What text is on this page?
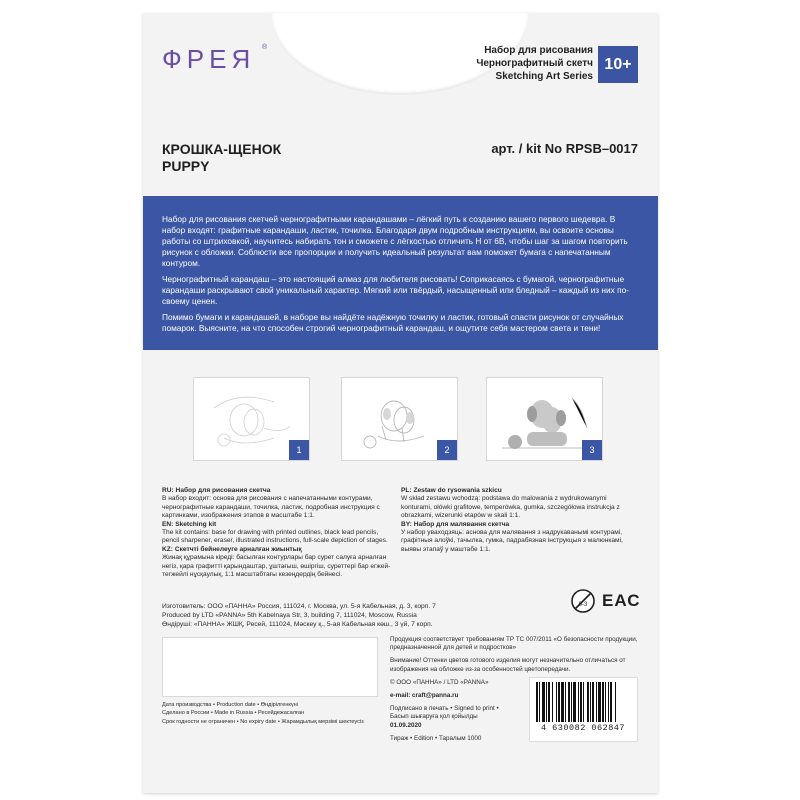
ФРЕЯ ®	Набор для рисования
Чернографитный скетч
Sketching Art Series
10+
КРОШКА-ЩЕНОК
PUPPY
арт. / kit No RPSB–0017

Набор для рисования скетчей чернографитными карандашами – лёгкий путь к созданию вашего первого шедевра. В набор входят: графитные карандаши, ластик, точилка. Благодаря двум подробным инструкциям, вы освоите основы работы со штриховкой, научитесь набирать тон и сможете с лёгкостью отличить Н от 6В, чтобы шаг за шагом повторить рисунок с обложки. Соблюсти все пропорции и получить идеальный результат вам поможет бумага с напечатанным контуром.

Чернографитный карандаш – это настоящий алмаз для любителя рисовать! Соприкасаясь с бумагой, чернографитные карандаши раскрывают свой уникальный характер. Мягкий или твёрдый, насыщенный или бледный – каждый из них по-своему ценен.

Помимо бумаги и карандашей, в наборе вы найдёте надёжную точилку и ластик, готовый спасти рисунок от случайных помарок. Выясните, на что способен строгий чернографитный карандаш, и ощутите себя мастером света и тени!

1	2	3
RU: Набор для рисования скетча
В набор входит: основа для рисования с напечатанными контурами, чернографитные карандаши, точилка, ластик, подробная инструкция с картинками, изображения этапов в масштабе 1:1.
EN: Sketching kit
The kit contains: base for drawing with printed outlines, black lead pencils, pencil sharpener, eraser, illustrated instructions, full-scale depiction of stages.
KZ: Скетчті бейнелеуге арналған жиынтық
Жинақ құрамына кіреді: басылған контурлары бар сурет салуға арналған негіз, қара графитті қарындаштар, ұштағыш, өшіргіш, суреттері бар егжей-тегжейлі нұсқаулық, 1:1 масштабтағы кезеңдердің бейнесі.
PL: Zestaw do rysowania szkicu
W skład zestawu wchodzą: podstawa do malowania z wydrukowanymi konturami, ołówki grafitowe, temperówka, gumka, szczegółowa instrukcja z obrazkami, wizerunki etapów w skali 1:1.
BY: Набор для малявання скетча
У набор уваходзяць: аснова для малявання з надрукаванымі контурамі, графітныя алоўкі, тачылка, гумка, падрабязная інструкцыя з малюнкамі, выявы этапаў у маштабе 1:1.
Изготовитель: ООО «ПАННА» Россия, 111024, г. Москва, ул. 5-я Кабельная, д. 3, корп. 7
Produced by LTD «PANNA» 5th Kabelnaya Str, 3, building 7, 111024, Moscow, Russia
Өндіруші: «ПАННА» ЖШҚ, Ресей, 111024, Мәскеу қ., 5-ая Кабельная көш., 3 үй, 7 корп.
0-3 ЕАС
Дата производства • Production date • Өндірілгенкүні
Сделано в России • Made in Russia • Ресейдежасалған
Срок годности не ограничен • No expiry date • Жарамдылық мерзімі шектеусіз

Продукция соответствует требованиям ТР ТС 007/2011 «О безопасности продукции, предназначенной для детей и подростков»

Внимание! Оттенки цветов готового изделия могут незначительно отличаться от изображения на обложке из-за особенностей цветопередачи.

© ООО «ПАННА» / LTD «PANNA»

e-mail: craft@panna.ru

Подписано в печать • Signed to print •
Басып шығаруға қол қойылды
01.09.2020
Тираж • Edition • Таралым 1000
4 630082 062847
